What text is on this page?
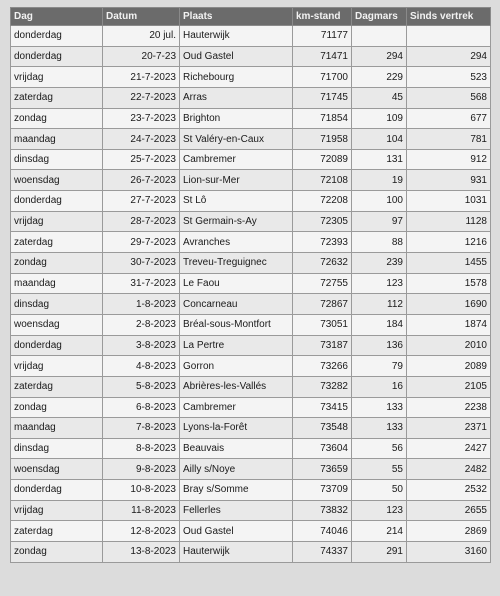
Dag	Datum	Plaats	km-stand	Dagmars	Sinds vertrek
donderdag	20 jul.	Hauterwijk	71177		
donderdag	20-7-23	Oud Gastel	71471	294	294
vrijdag	21-7-2023	Richebourg	71700	229	523
zaterdag	22-7-2023	Arras	71745	45	568
zondag	23-7-2023	Brighton	71854	109	677
maandag	24-7-2023	St Valéry-en-Caux	71958	104	781
dinsdag	25-7-2023	Cambremer	72089	131	912
woensdag	26-7-2023	Lion-sur-Mer	72108	19	931
donderdag	27-7-2023	St Lô	72208	100	1031
vrijdag	28-7-2023	St Germain-s-Ay	72305	97	1128
zaterdag	29-7-2023	Avranches	72393	88	1216
zondag	30-7-2023	Treveu-Treguignec	72632	239	1455
maandag	31-7-2023	Le Faou	72755	123	1578
dinsdag	1-8-2023	Concarneau	72867	112	1690
woensdag	2-8-2023	Bréal-sous-Montfort	73051	184	1874
donderdag	3-8-2023	La Pertre	73187	136	2010
vrijdag	4-8-2023	Gorron	73266	79	2089
zaterdag	5-8-2023	Abrières-les-Vallés	73282	16	2105
zondag	6-8-2023	Cambremer	73415	133	2238
maandag	7-8-2023	Lyons-la-Forêt	73548	133	2371
dinsdag	8-8-2023	Beauvais	73604	56	2427
woensdag	9-8-2023	Ailly s/Noye	73659	55	2482
donderdag	10-8-2023	Bray s/Somme	73709	50	2532
vrijdag	11-8-2023	Fellerles	73832	123	2655
zaterdag	12-8-2023	Oud Gastel	74046	214	2869
zondag	13-8-2023	Hauterwijk	74337	291	3160
